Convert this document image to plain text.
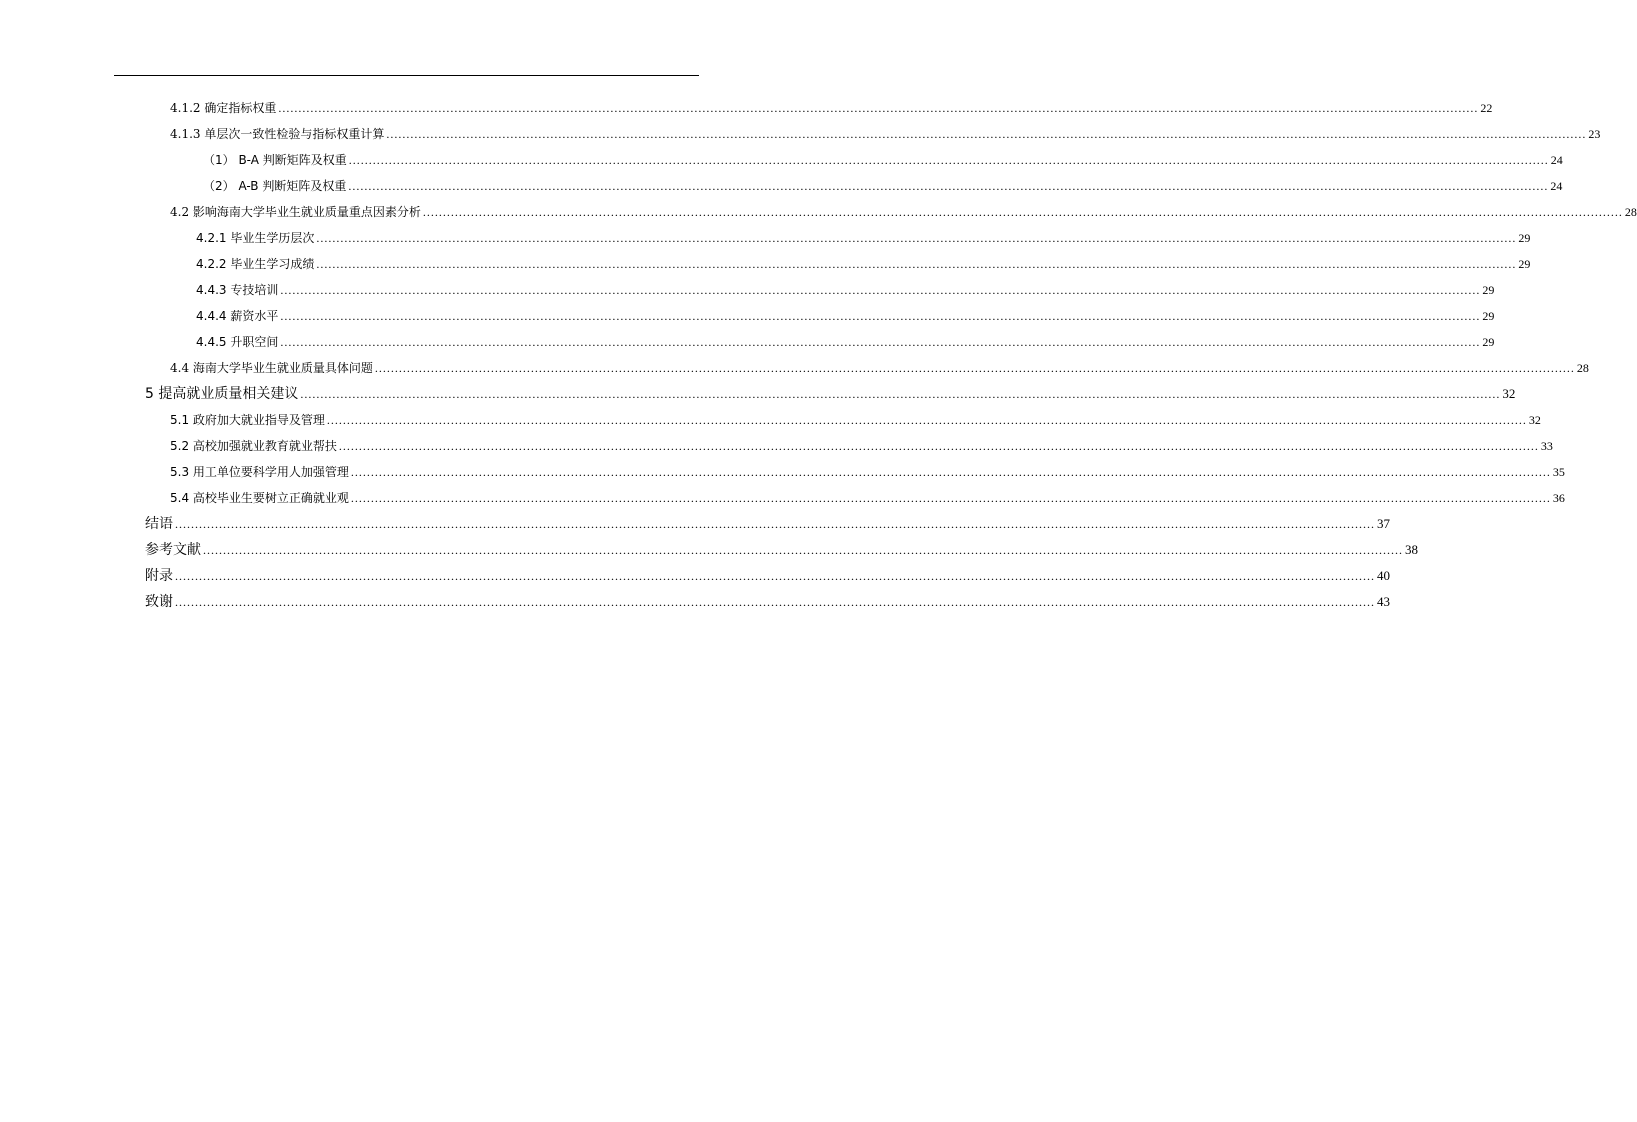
4.1.2 确定指标权重 ............................................................................................................................................................................................................................................................................................................ 22
4.1.3 单层次一致性检验与指标权重计算 ............................................................................................................................................................................................................................................................................................................ 23
（1） B-A 判断矩阵及权重 ............................................................................................................................................................................................................................................................................................................ 24
（2） A-B 判断矩阵及权重 ............................................................................................................................................................................................................................................................................................................ 24
4.2 影响海南大学毕业生就业质量重点因素分析 ............................................................................................................................................................................................................................................................................................................ 28
4.2.1 毕业生学历层次 ............................................................................................................................................................................................................................................................................................................ 29
4.2.2 毕业生学习成绩 ............................................................................................................................................................................................................................................................................................................ 29
4.4.3 专技培训 ............................................................................................................................................................................................................................................................................................................ 29
4.4.4 薪资水平 ............................................................................................................................................................................................................................................................................................................ 29
4.4.5 升职空间 ............................................................................................................................................................................................................................................................................................................ 29
4.4 海南大学毕业生就业质量具体问题 ............................................................................................................................................................................................................................................................................................................ 28
5 提高就业质量相关建议 ............................................................................................................................................................................................................................................................................................................ 32
5.1 政府加大就业指导及管理 ............................................................................................................................................................................................................................................................................................................ 32
5.2 高校加强就业教育就业帮扶 ............................................................................................................................................................................................................................................................................................................ 33
5.3 用工单位要科学用人加强管理 ............................................................................................................................................................................................................................................................................................................ 35
5.4 高校毕业生要树立正确就业观 ............................................................................................................................................................................................................................................................................................................ 36
结语 ............................................................................................................................................................................................................................................................................................................ 37
参考文献 ............................................................................................................................................................................................................................................................................................................ 38
附录 ............................................................................................................................................................................................................................................................................................................ 40
致谢 ............................................................................................................................................................................................................................................................................................................ 43
